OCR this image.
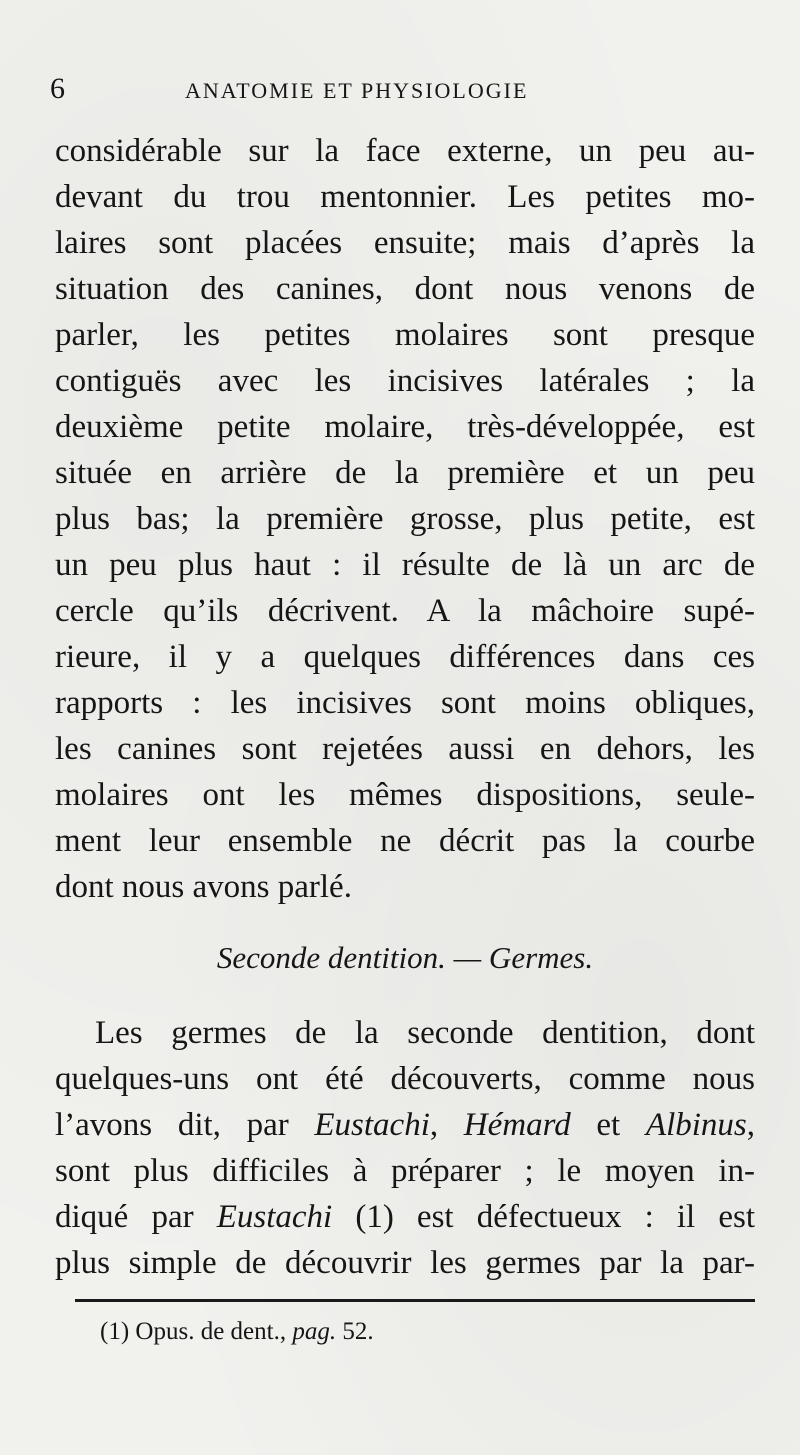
6	ANATOMIE ET PHYSIOLOGIE
considérable sur la face externe, un peu au-
devant du trou mentonnier. Les petites mo-
laires sont placées ensuite; mais d’après la
situation des canines, dont nous venons de
parler, les petites molaires sont presque
contiguës avec les incisives latérales ; la
deuxième petite molaire, très-développée, est
située en arrière de la première et un peu
plus bas; la première grosse, plus petite, est
un peu plus haut : il résulte de là un arc de
cercle qu’ils décrivent. A la mâchoire supé-
rieure, il y a quelques différences dans ces
rapports : les incisives sont moins obliques,
les canines sont rejetées aussi en dehors, les
molaires ont les mêmes dispositions, seule-
ment leur ensemble ne décrit pas la courbe
dont nous avons parlé.
Seconde dentition. — Germes.
Les germes de la seconde dentition, dont
quelques-uns ont été découverts, comme nous
l’avons dit, par Eustachi, Hémard et Albinus,
sont plus difficiles à préparer ; le moyen in-
diqué par Eustachi (1) est défectueux : il est
plus simple de découvrir les germes par la par-
(1) Opus. de dent., pag. 52.
